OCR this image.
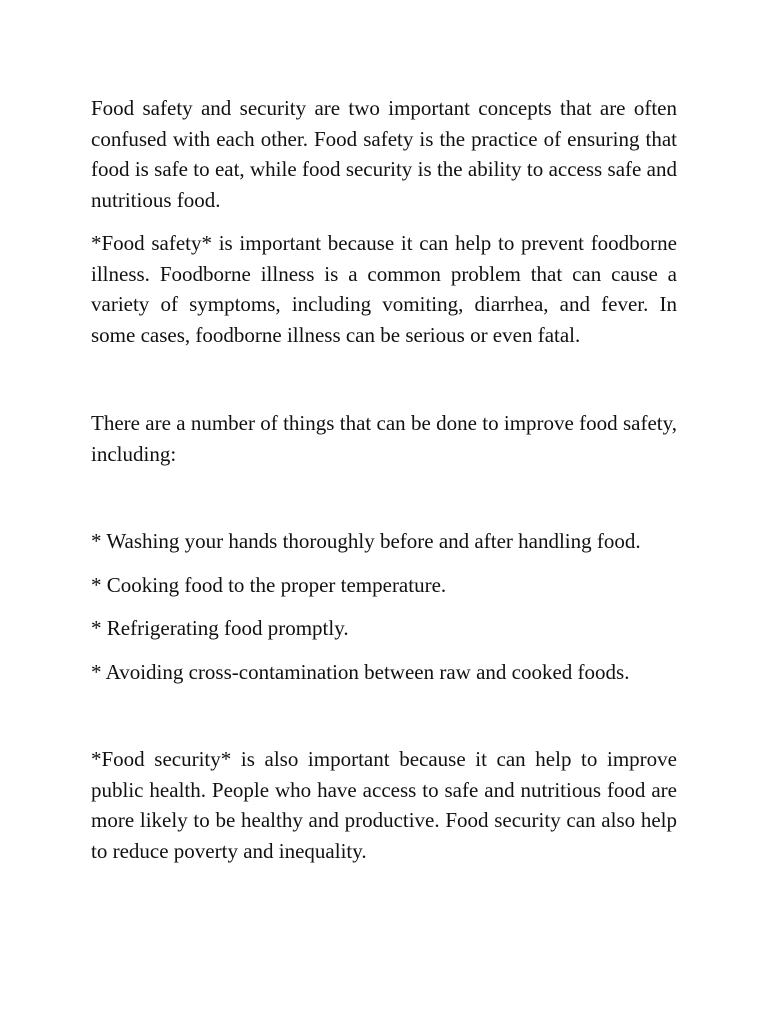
Food safety and security are two important concepts that are often confused with each other. Food safety is the practice of ensuring that food is safe to eat, while food security is the ability to access safe and nutritious food.

*Food safety* is important because it can help to prevent foodborne illness. Foodborne illness is a common problem that can cause a variety of symptoms, including vomiting, diarrhea, and fever. In some cases, foodborne illness can be serious or even fatal.

There are a number of things that can be done to improve food safety, including:

* Washing your hands thoroughly before and after handling food.

* Cooking food to the proper temperature.

* Refrigerating food promptly.

* Avoiding cross-contamination between raw and cooked foods.

*Food security* is also important because it can help to improve public health. People who have access to safe and nutritious food are more likely to be healthy and productive. Food security can also help to reduce poverty and inequality.
